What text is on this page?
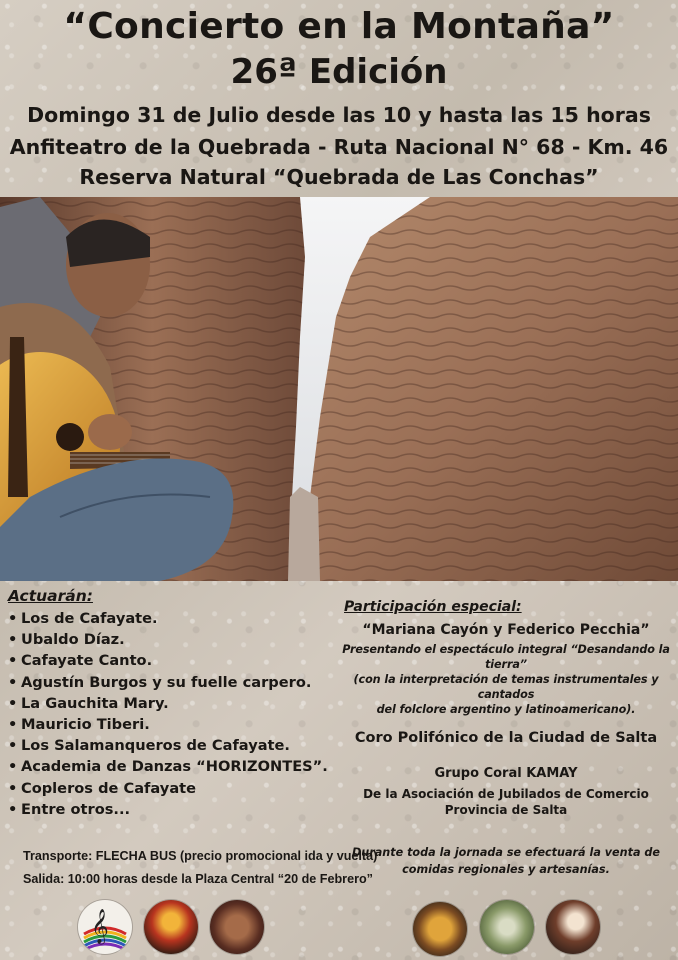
“Concierto en la Montaña”
26ª Edición
Domingo 31 de Julio desde las 10 y hasta las 15 horas
Anfiteatro de la Quebrada - Ruta Nacional N° 68 - Km. 46
Reserva Natural “Quebrada de Las Conchas”
Actuarán:
• Los de Cafayate.
• Ubaldo Díaz.
• Cafayate Canto.
• Agustín Burgos y su fuelle carpero.
• La Gauchita Mary.
• Mauricio Tiberi.
• Los Salamanqueros de Cafayate.
• Academia de Danzas “HORIZONTES”.
• Copleros de Cafayate
• Entre otros...
Transporte: FLECHA BUS (precio promocional ida y vuelta)
Salida: 10:00 horas desde la Plaza Central “20 de Febrero”
Participación especial:
“Mariana Cayón y Federico Pecchia”
Presentando el espectáculo integral “Desandando la tierra”
(con la interpretación de temas instrumentales y cantados
del folclore argentino y latinoamericano).
Coro Polifónico de la Ciudad de Salta
Grupo Coral KAMAY
De la Asociación de Jubilados de Comercio
Provincia de Salta
Durante toda la jornada se efectuará la venta de
comidas regionales y artesanías.
𝄞
